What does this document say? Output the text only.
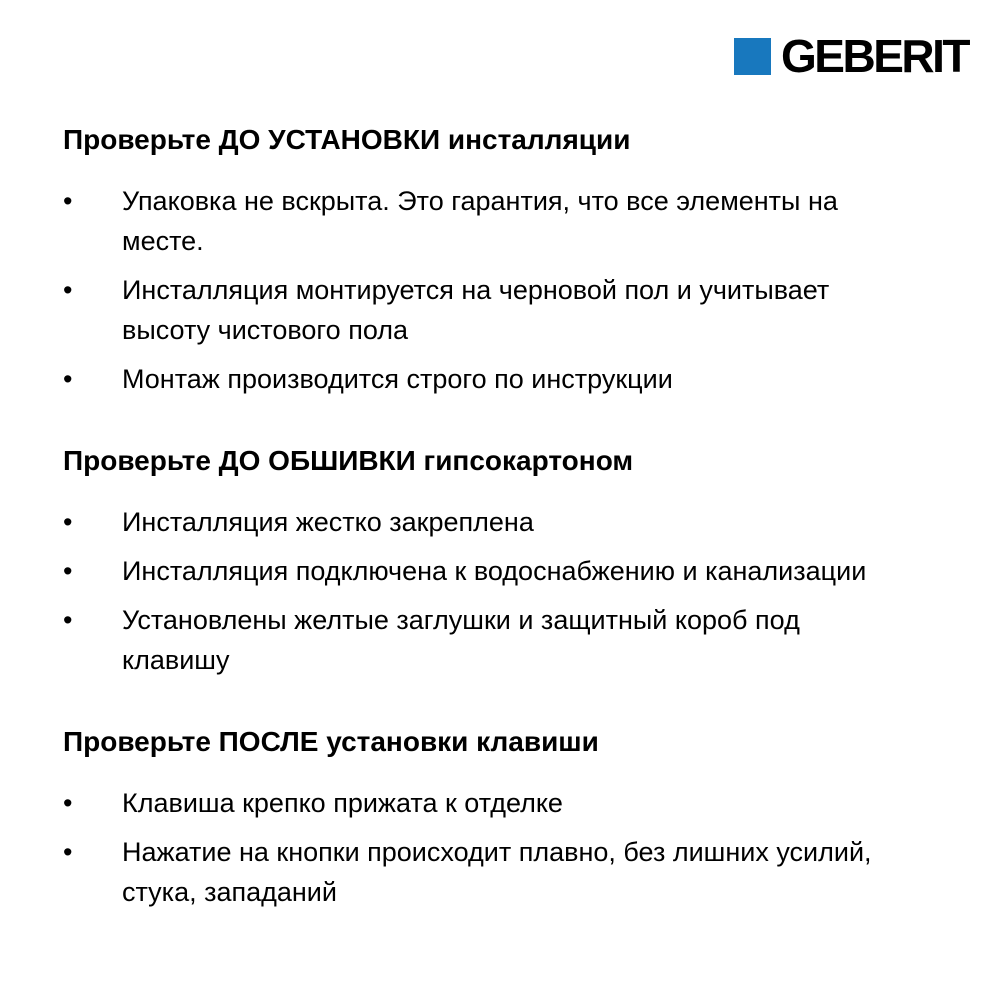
GEBERIT
Проверьте ДО УСТАНОВКИ инсталляции
•	Упаковка не вскрыта. Это гарантия, что все элементы на месте.
•	Инсталляция монтируется на черновой пол и учитывает высоту чистового пола
•	Монтаж производится строго по инструкции
Проверьте ДО ОБШИВКИ гипсокартоном
•	Инсталляция жестко закреплена
•	Инсталляция подключена к водоснабжению и канализации
•	Установлены желтые заглушки и защитный короб под клавишу
Проверьте ПОСЛЕ установки клавиши
•	Клавиша крепко прижата к отделке
•	Нажатие на кнопки происходит плавно, без лишних усилий, стука, западаний
